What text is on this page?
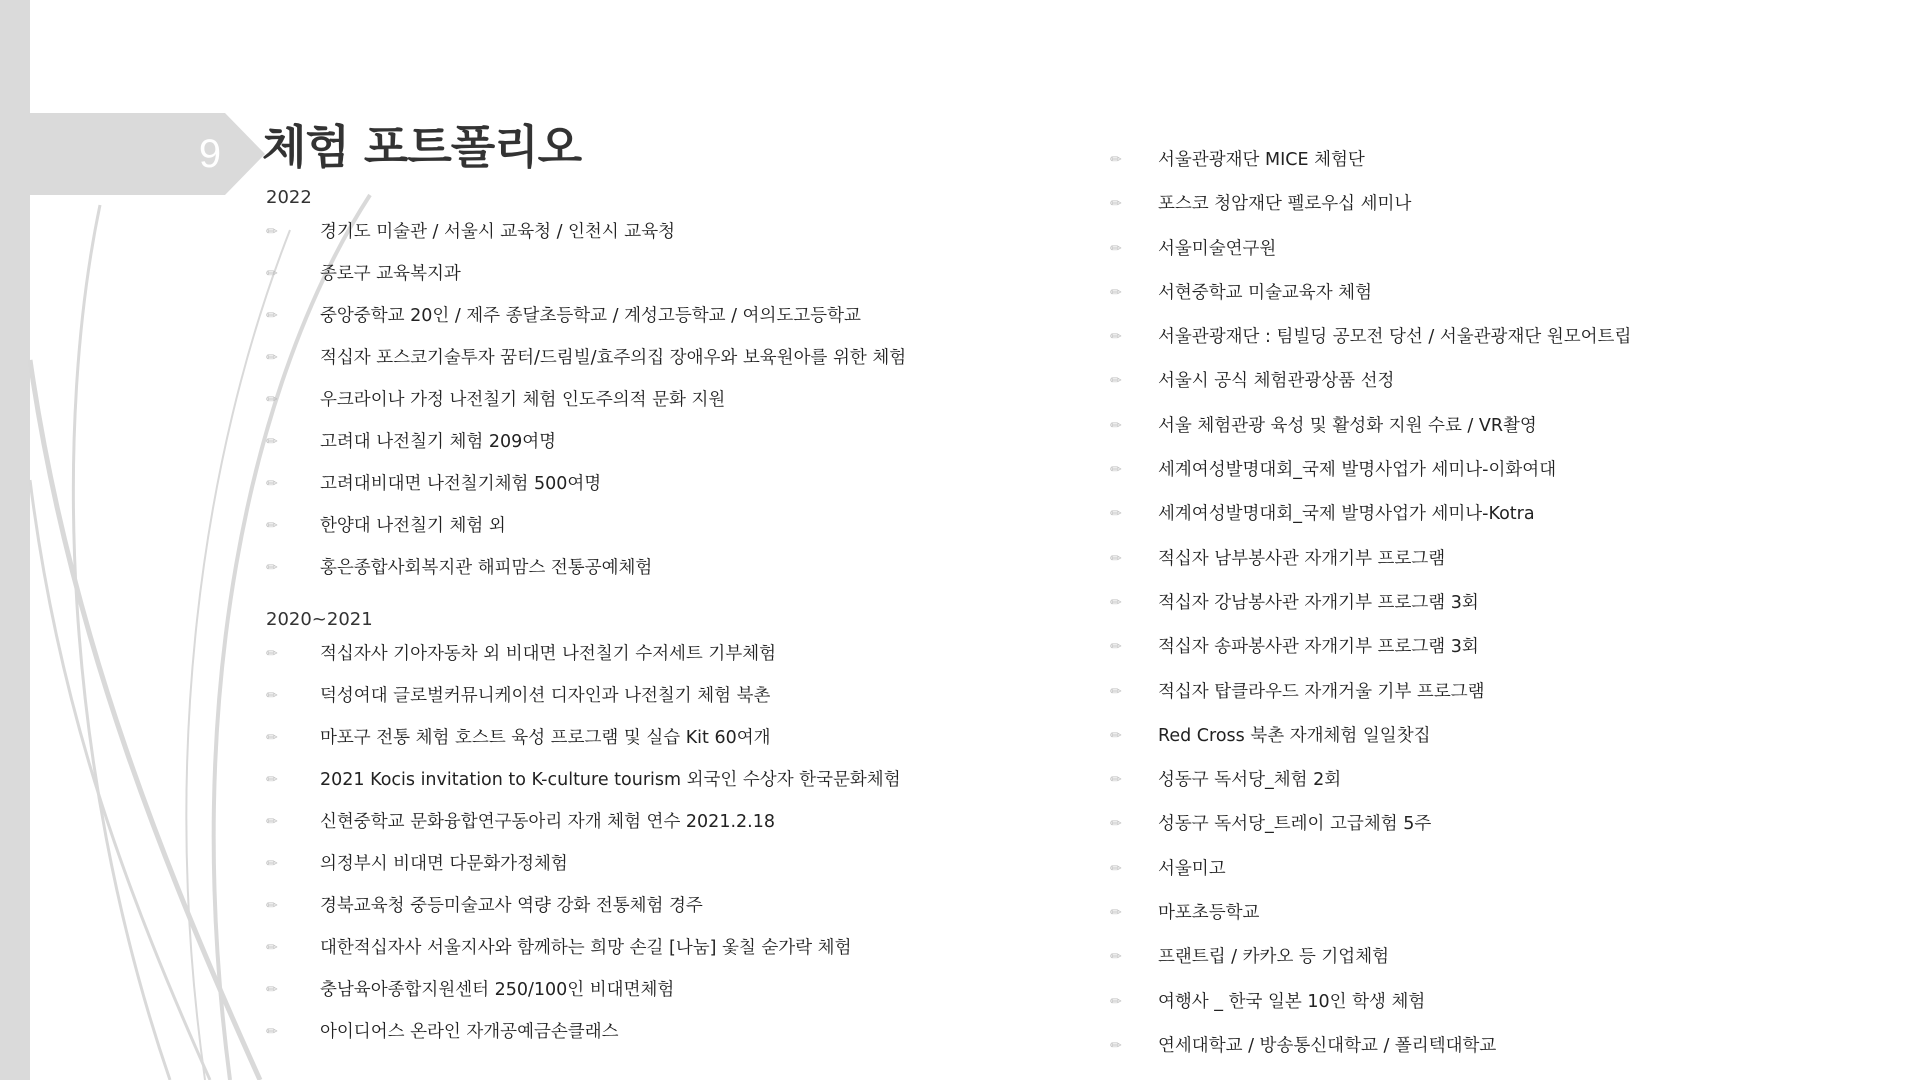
9 체험 포트폴리오
2022
✏	경기도 미술관 / 서울시 교육청 / 인천시 교육청
✏	종로구 교육복지과
✏	중앙중학교 20인 / 제주 종달초등학교 / 계성고등학교 / 여의도고등학교
✏	적십자 포스코기술투자 꿈터/드림빌/효주의집 장애우와 보육원아를 위한 체험
✏	우크라이나 가정 나전칠기 체험 인도주의적 문화 지원
✏	고려대 나전칠기 체험 209여명
✏	고려대비대면 나전칠기체험 500여명
✏	한양대 나전칠기 체험 외
✏	홍은종합사회복지관 해피맘스 전통공예체험
2020~2021
✏	적십자사 기아자동차 외 비대면 나전칠기 수저세트 기부체험
✏	덕성여대 글로벌커뮤니케이션 디자인과 나전칠기 체험 북촌
✏	마포구 전통 체험 호스트 육성 프로그램 및 실습 Kit 60여개
✏	2021 Kocis invitation to K-culture tourism 외국인 수상자 한국문화체험
✏	신현중학교 문화융합연구동아리 자개 체험 연수 2021.2.18
✏	의정부시 비대면 다문화가정체험
✏	경북교육청 중등미술교사 역량 강화 전통체험 경주
✏	대한적십자사 서울지사와 함께하는 희망 손길 [나눔] 옻칠 숟가락 체험
✏	충남육아종합지원센터 250/100인 비대면체험
✏	아이디어스 온라인 자개공예금손클래스
✏	서울관광재단 MICE 체험단
✏	포스코 청암재단 펠로우십 세미나
✏	서울미술연구원
✏	서현중학교 미술교육자 체험
✏	서울관광재단 : 팀빌딩 공모전 당선 / 서울관광재단 원모어트립
✏	서울시 공식 체험관광상품 선정
✏	서울 체험관광 육성 및 활성화 지원 수료 / VR촬영
✏	세계여성발명대회_국제 발명사업가 세미나-이화여대
✏	세계여성발명대회_국제 발명사업가 세미나-Kotra
✏	적십자 남부봉사관 자개기부 프로그램
✏	적십자 강남봉사관 자개기부 프로그램 3회
✏	적십자 송파봉사관 자개기부 프로그램 3회
✏	적십자 탑클라우드 자개거울 기부 프로그램
✏	Red Cross 북촌 자개체험 일일찻집
✏	성동구 독서당_체험 2회
✏	성동구 독서당_트레이 고급체험 5주
✏	서울미고
✏	마포초등학교
✏	프랜트립 / 카카오 등 기업체험
✏	여행사 _ 한국 일본 10인 학생 체험
✏	연세대학교 / 방송통신대학교 / 폴리텍대학교
